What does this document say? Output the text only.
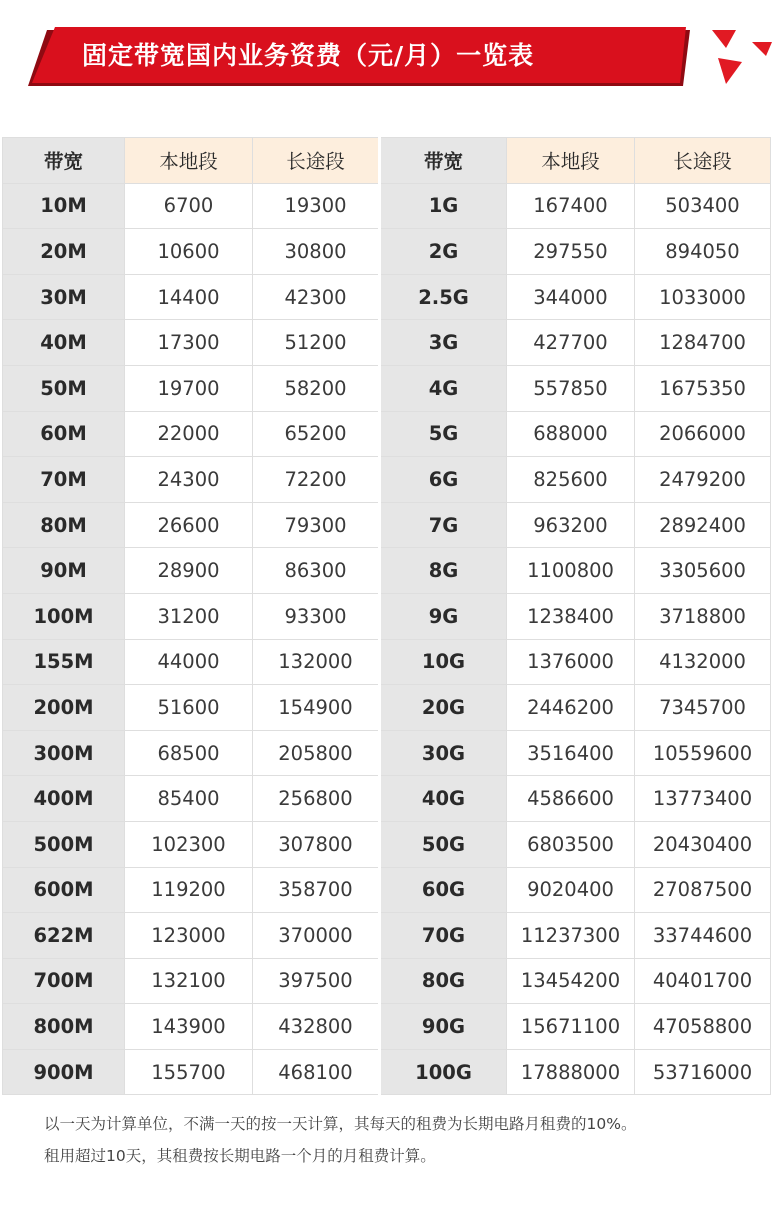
固定带宽国内业务资费（元/月）一览表
带宽	本地段	长途段	带宽	本地段	长途段
10M	6700	19300	1G	167400	503400
20M	10600	30800	2G	297550	894050
30M	14400	42300	2.5G	344000	1033000
40M	17300	51200	3G	427700	1284700
50M	19700	58200	4G	557850	1675350
60M	22000	65200	5G	688000	2066000
70M	24300	72200	6G	825600	2479200
80M	26600	79300	7G	963200	2892400
90M	28900	86300	8G	1100800	3305600
100M	31200	93300	9G	1238400	3718800
155M	44000	132000	10G	1376000	4132000
200M	51600	154900	20G	2446200	7345700
300M	68500	205800	30G	3516400	10559600
400M	85400	256800	40G	4586600	13773400
500M	102300	307800	50G	6803500	20430400
600M	119200	358700	60G	9020400	27087500
622M	123000	370000	70G	11237300	33744600
700M	132100	397500	80G	13454200	40401700
800M	143900	432800	90G	15671100	47058800
900M	155700	468100	100G	17888000	53716000

以一天为计算单位，不满一天的按一天计算，其每天的租费为长期电路月租费的10%。

租用超过10天，其租费按长期电路一个月的月租费计算。
